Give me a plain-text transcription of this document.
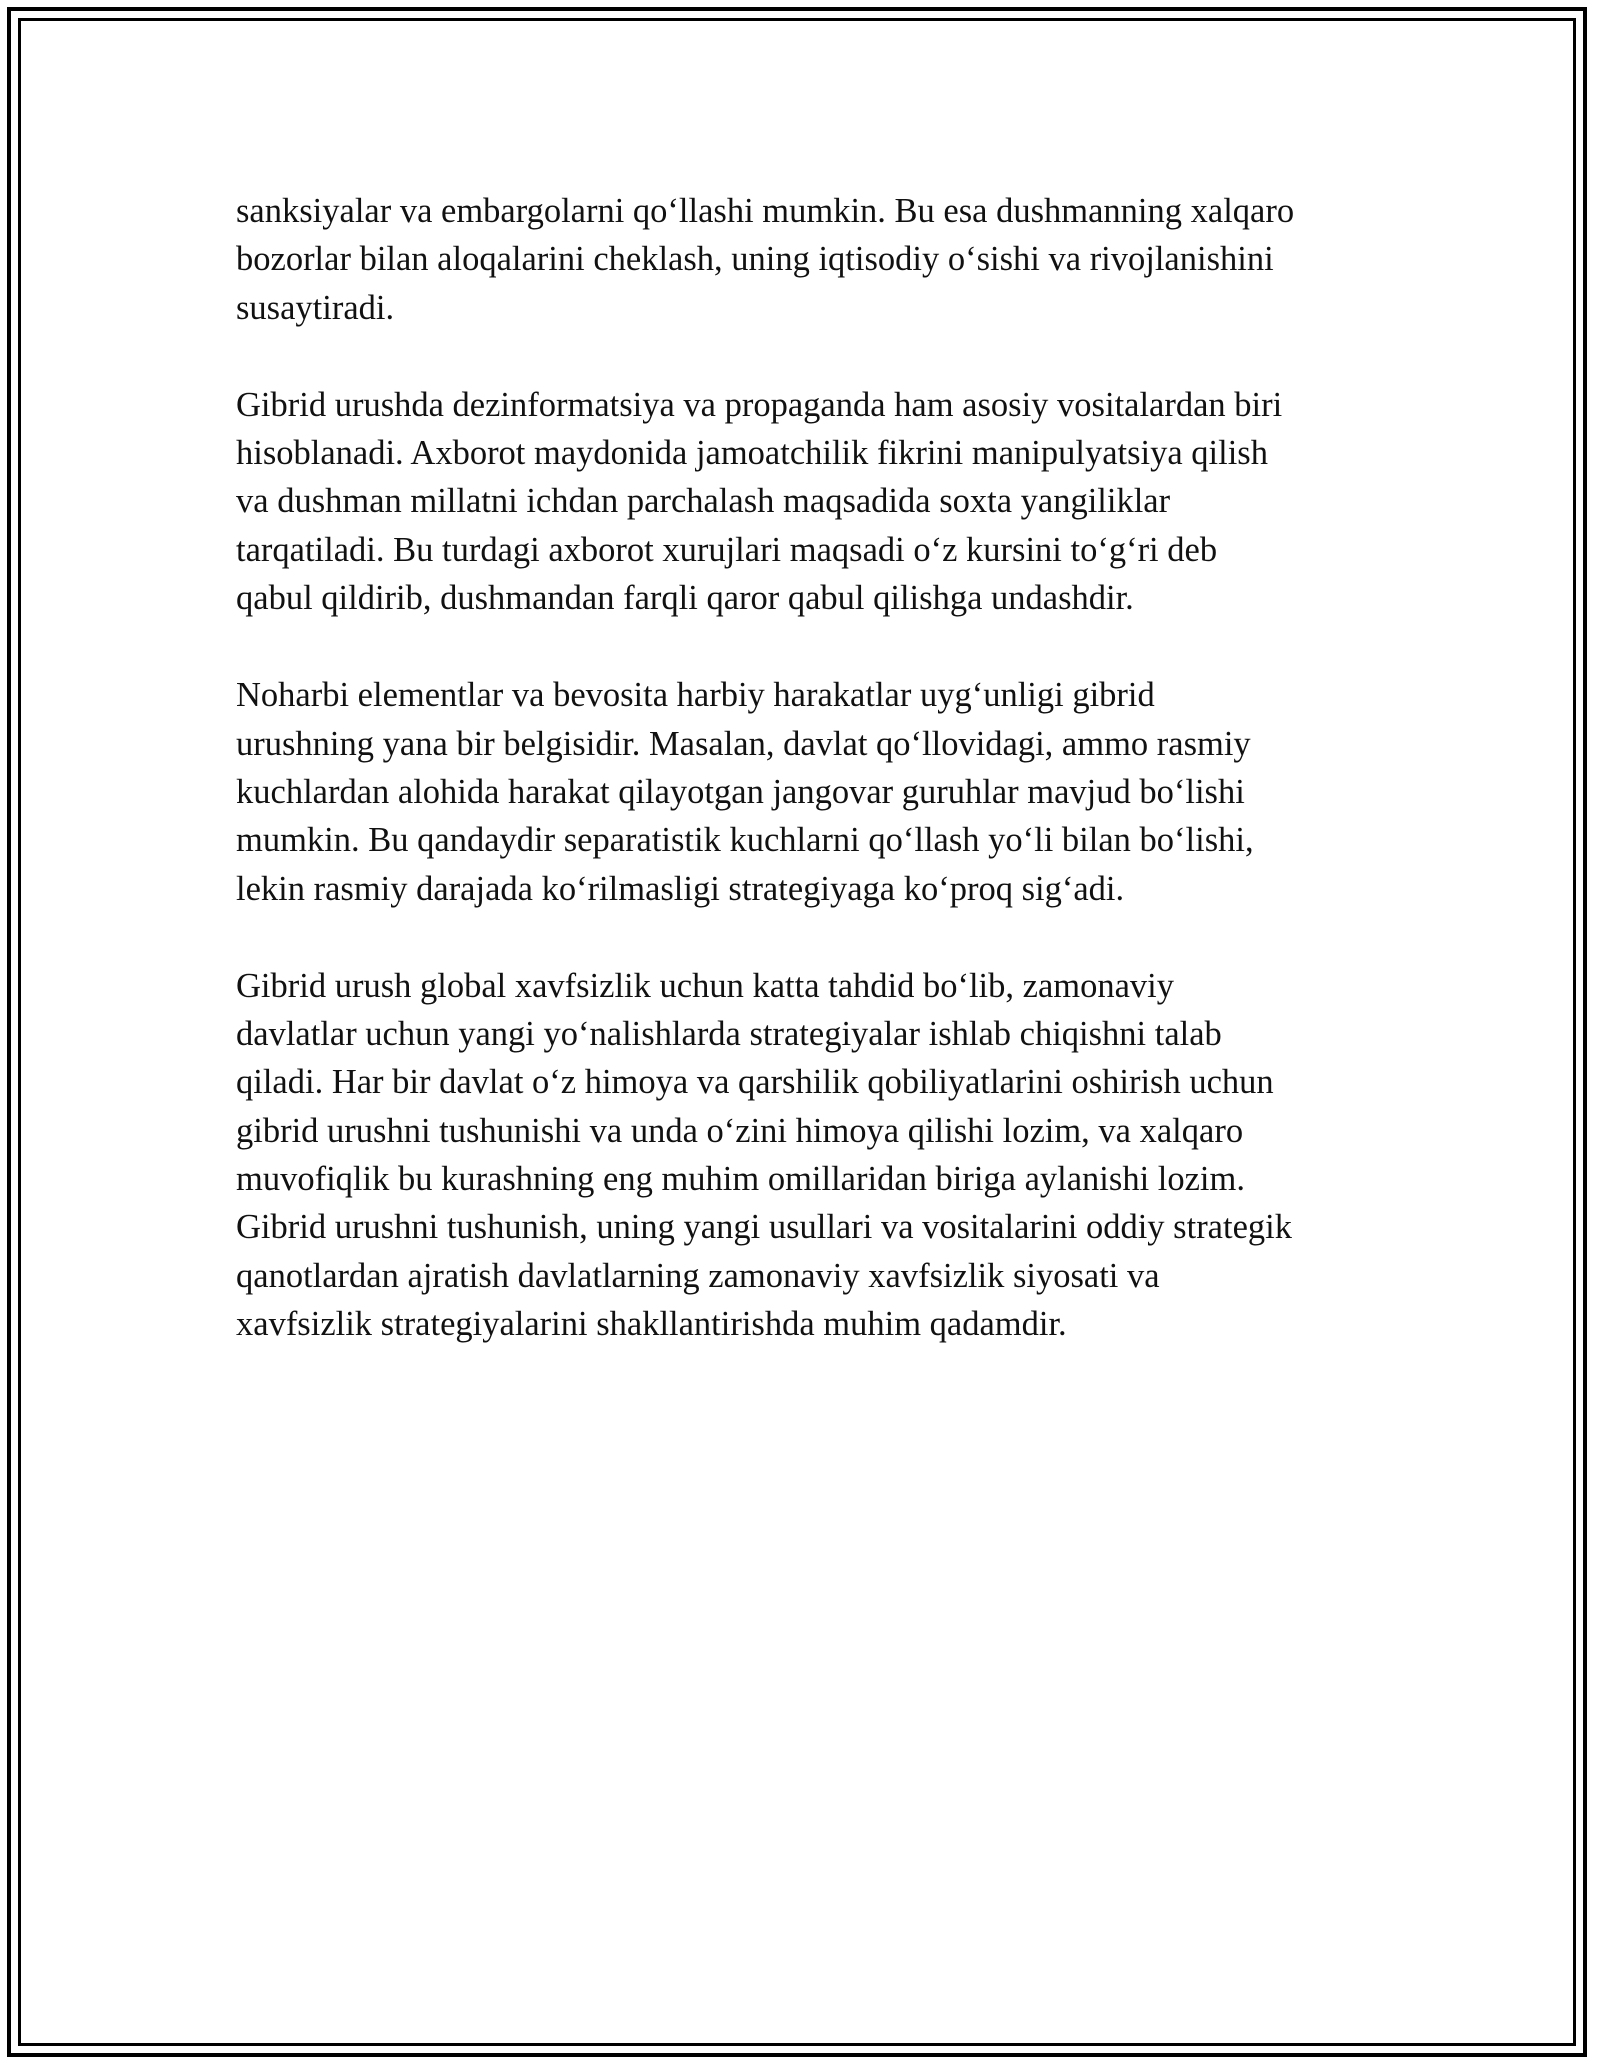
sanksiyalar va embargolarni qoʻllashi mumkin. Bu esa dushmanning xalqaro
bozorlar bilan aloqalarini cheklash, uning iqtisodiy oʻsishi va rivojlanishini
susaytiradi.

Gibrid urushda dezinformatsiya va propaganda ham asosiy vositalardan biri
hisoblanadi. Axborot maydonida jamoatchilik fikrini manipulyatsiya qilish
va dushman millatni ichdan parchalash maqsadida soxta yangiliklar
tarqatiladi. Bu turdagi axborot xurujlari maqsadi oʻz kursini toʻgʻri deb
qabul qildirib, dushmandan farqli qaror qabul qilishga undashdir.

Noharbi elementlar va bevosita harbiy harakatlar uygʻunligi gibrid
urushning yana bir belgisidir. Masalan, davlat qoʻllovidagi, ammo rasmiy
kuchlardan alohida harakat qilayotgan jangovar guruhlar mavjud boʻlishi
mumkin. Bu qandaydir separatistik kuchlarni qoʻllash yoʻli bilan boʻlishi,
lekin rasmiy darajada koʻrilmasligi strategiyaga koʻproq sigʻadi.

Gibrid urush global xavfsizlik uchun katta tahdid boʻlib, zamonaviy
davlatlar uchun yangi yoʻnalishlarda strategiyalar ishlab chiqishni talab
qiladi. Har bir davlat oʻz himoya va qarshilik qobiliyatlarini oshirish uchun
gibrid urushni tushunishi va unda oʻzini himoya qilishi lozim, va xalqaro
muvofiqlik bu kurashning eng muhim omillaridan biriga aylanishi lozim.
Gibrid urushni tushunish, uning yangi usullari va vositalarini oddiy strategik
qanotlardan ajratish davlatlarning zamonaviy xavfsizlik siyosati va
xavfsizlik strategiyalarini shakllantirishda muhim qadamdir.
